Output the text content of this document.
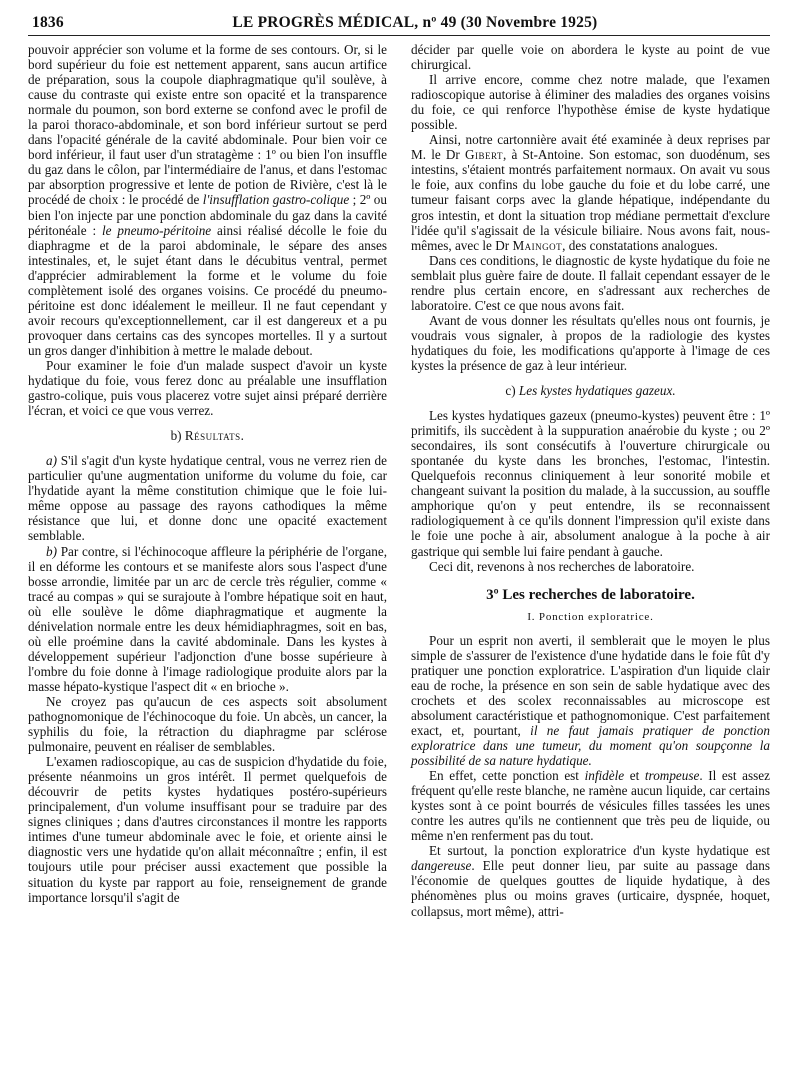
1836	LE PROGRÈS MÉDICAL, nº 49 (30 Novembre 1925)

pouvoir apprécier son volume et la forme de ses contours. Or, si le bord supérieur du foie est nettement apparent, sans aucun artifice de préparation, sous la coupole diaphragmatique qu'il soulève, à cause du contraste qui existe entre son opacité et la transparence normale du poumon, son bord externe se confond avec le profil de la paroi thoraco-abdominale, et son bord inférieur surtout se perd dans l'opacité générale de la cavité abdominale. Pour bien voir ce bord inférieur, il faut user d'un stratagème : 1º ou bien l'on insuffle du gaz dans le côlon, par l'intermédiaire de l'anus, et dans l'estomac par absorption progressive et lente de potion de Rivière, c'est là le procédé de choix : le procédé de l'insufflation gastro-colique ; 2º ou bien l'on injecte par une ponction abdominale du gaz dans la cavité péritonéale : le pneumo-péritoine ainsi réalisé décolle le foie du diaphragme et de la paroi abdominale, le sépare des anses intestinales, et, le sujet étant dans le décubitus ventral, permet d'apprécier admirablement la forme et le volume du foie complètement isolé des organes voisins. Ce procédé du pneumo-péritoine est donc idéalement le meilleur. Il ne faut cependant y avoir recours qu'exceptionnellement, car il est dangereux et a pu provoquer dans certains cas des syncopes mortelles. Il y a surtout un gros danger d'inhibition à mettre le malade debout.

Pour examiner le foie d'un malade suspect d'avoir un kyste hydatique du foie, vous ferez donc au préalable une insufflation gastro-colique, puis vous placerez votre sujet ainsi préparé derrière l'écran, et voici ce que vous verrez.

b) Résultats.

a) S'il s'agit d'un kyste hydatique central, vous ne verrez rien de particulier qu'une augmentation uniforme du volume du foie, car l'hydatide ayant la même constitution chimique que le foie lui-même oppose au passage des rayons cathodiques la même résistance que lui, et donne donc une opacité exactement semblable.

b) Par contre, si l'échinocoque affleure la périphérie de l'organe, il en déforme les contours et se manifeste alors sous l'aspect d'une bosse arrondie, limitée par un arc de cercle très régulier, comme « tracé au compas » qui se surajoute à l'ombre hépatique soit en haut, où elle soulève le dôme diaphragmatique et augmente la dénivelation normale entre les deux hémidiaphragmes, soit en bas, où elle proémine dans la cavité abdominale. Dans les kystes à développement supérieur l'adjonction d'une bosse supérieure à l'ombre du foie donne à l'image radiologique produite alors par la masse hépato-kystique l'aspect dit « en brioche ».

Ne croyez pas qu'aucun de ces aspects soit absolument pathognomonique de l'échinocoque du foie. Un abcès, un cancer, la syphilis du foie, la rétraction du diaphragme par sclérose pulmonaire, peuvent en réaliser de semblables.

L'examen radioscopique, au cas de suspicion d'hydatide du foie, présente néanmoins un gros intérêt. Il permet quelquefois de découvrir de petits kystes hydatiques postéro-supérieurs principalement, d'un volume insuffisant pour se traduire par des signes cliniques ; dans d'autres circonstances il montre les rapports intimes d'une tumeur abdominale avec le foie, et oriente ainsi le diagnostic vers une hydatide qu'on allait méconnaître ; enfin, il est toujours utile pour préciser aussi exactement que possible la situation du kyste par rapport au foie, renseignement de grande importance lorsqu'il s'agit de

décider par quelle voie on abordera le kyste au point de vue chirurgical.

Il arrive encore, comme chez notre malade, que l'examen radioscopique autorise à éliminer des maladies des organes voisins du foie, ce qui renforce l'hypothèse émise de kyste hydatique possible.

Ainsi, notre cartonnière avait été examinée à deux reprises par M. le Dr Gibert, à St-Antoine. Son estomac, son duodénum, ses intestins, s'étaient montrés parfaitement normaux. On avait vu sous le foie, aux confins du lobe gauche du foie et du lobe carré, une tumeur faisant corps avec la glande hépatique, indépendante du gros intestin, et dont la situation trop médiane permettait d'exclure l'idée qu'il s'agissait de la vésicule biliaire. Nous avons fait, nous-mêmes, avec le Dr Maingot, des constatations analogues.

Dans ces conditions, le diagnostic de kyste hydatique du foie ne semblait plus guère faire de doute. Il fallait cependant essayer de le rendre plus certain encore, en s'adressant aux recherches de laboratoire. C'est ce que nous avons fait.

Avant de vous donner les résultats qu'elles nous ont fournis, je voudrais vous signaler, à propos de la radiologie des kystes hydatiques du foie, les modifications qu'apporte à l'image de ces kystes la présence de gaz à leur intérieur.

c) Les kystes hydatiques gazeux.

Les kystes hydatiques gazeux (pneumo-kystes) peuvent être : 1º primitifs, ils succèdent à la suppuration anaérobie du kyste ; ou 2º secondaires, ils sont consécutifs à l'ouverture chirurgicale ou spontanée du kyste dans les bronches, l'estomac, l'intestin. Quelquefois reconnus cliniquement à leur sonorité mobile et changeant suivant la position du malade, à la succussion, au souffle amphorique qu'on y peut entendre, ils se reconnaissent radiologiquement à ce qu'ils donnent l'impression qu'il existe dans le foie une poche à air, absolument analogue à la poche à air gastrique qui semble lui faire pendant à gauche.

Ceci dit, revenons à nos recherches de laboratoire.

3º Les recherches de laboratoire.

I. Ponction exploratrice.

Pour un esprit non averti, il semblerait que le moyen le plus simple de s'assurer de l'existence d'une hydatide dans le foie fût d'y pratiquer une ponction exploratrice. L'aspiration d'un liquide clair eau de roche, la présence en son sein de sable hydatique avec des crochets et des scolex reconnaissables au microscope est absolument caractéristique et pathognomonique. C'est parfaitement exact, et, pourtant, il ne faut jamais pratiquer de ponction exploratrice dans une tumeur, du moment qu'on soupçonne la possibilité de sa nature hydatique.

En effet, cette ponction est infidèle et trompeuse. Il est assez fréquent qu'elle reste blanche, ne ramène aucun liquide, car certains kystes sont à ce point bourrés de vésicules filles tassées les unes contre les autres qu'ils ne contiennent que très peu de liquide, ou même n'en renferment pas du tout.

Et surtout, la ponction exploratrice d'un kyste hydatique est dangereuse. Elle peut donner lieu, par suite au passage dans l'économie de quelques gouttes de liquide hydatique, à des phénomènes plus ou moins graves (urticaire, dyspnée, hoquet, collapsus, mort même), attri-
